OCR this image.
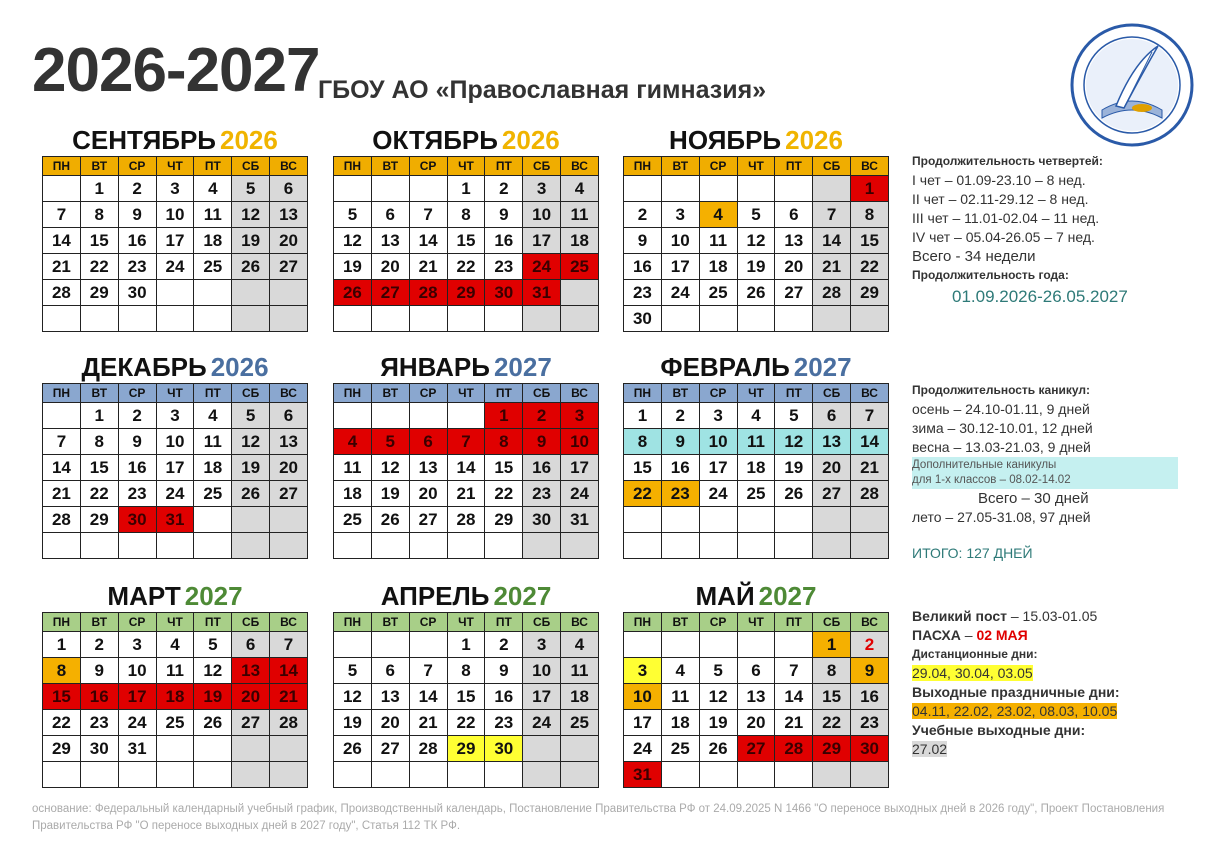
2026-2027
ГБОУ АО «Православная гимназия»
СЕНТЯБРЬ 2026
ПН	ВТ	СР	ЧТ	ПТ	СБ	ВС
	1	2	3	4	5	6
7	8	9	10	11	12	13
14	15	16	17	18	19	20
21	22	23	24	25	26	27
28	29	30				

ОКТЯБРЬ 2026
ПН	ВТ	СР	ЧТ	ПТ	СБ	ВС
			1	2	3	4
5	6	7	8	9	10	11
12	13	14	15	16	17	18
19	20	21	22	23	24	25
26	27	28	29	30	31	

НОЯБРЬ 2026
ПН	ВТ	СР	ЧТ	ПТ	СБ	ВС
						1
2	3	4	5	6	7	8
9	10	11	12	13	14	15
16	17	18	19	20	21	22
23	24	25	26	27	28	29
30						
ДЕКАБРЬ 2026
ПН	ВТ	СР	ЧТ	ПТ	СБ	ВС
	1	2	3	4	5	6
7	8	9	10	11	12	13
14	15	16	17	18	19	20
21	22	23	24	25	26	27
28	29	30	31			

ЯНВАРЬ 2027
ПН	ВТ	СР	ЧТ	ПТ	СБ	ВС
				1	2	3
4	5	6	7	8	9	10
11	12	13	14	15	16	17
18	19	20	21	22	23	24
25	26	27	28	29	30	31

ФЕВРАЛЬ 2027
ПН	ВТ	СР	ЧТ	ПТ	СБ	ВС
1	2	3	4	5	6	7
8	9	10	11	12	13	14
15	16	17	18	19	20	21
22	23	24	25	26	27	28

МАРТ 2027
ПН	ВТ	СР	ЧТ	ПТ	СБ	ВС
1	2	3	4	5	6	7
8	9	10	11	12	13	14
15	16	17	18	19	20	21
22	23	24	25	26	27	28
29	30	31				

АПРЕЛЬ 2027
ПН	ВТ	СР	ЧТ	ПТ	СБ	ВС
			1	2	3	4
5	6	7	8	9	10	11
12	13	14	15	16	17	18
19	20	21	22	23	24	25
26	27	28	29	30		

МАЙ 2027
ПН	ВТ	СР	ЧТ	ПТ	СБ	ВС
					1	2
3	4	5	6	7	8	9
10	11	12	13	14	15	16
17	18	19	20	21	22	23
24	25	26	27	28	29	30
31						
Продолжительность четвертей:
I чет – 01.09-23.10 – 8 нед.
II чет – 02.11-29.12 – 8 нед.
III чет – 11.01-02.04 – 11 нед.
IV чет – 05.04-26.05 – 7 нед.
Всего - 34 недели
Продолжительность года:
01.09.2026-26.05.2027
Продолжительность каникул:
осень – 24.10-01.11, 9 дней
зима – 30.12-10.01, 12 дней
весна – 13.03-21.03, 9 дней
Дополнительные каникулы
для 1-х классов – 08.02-14.02
Всего – 30 дней
лето – 27.05-31.08, 97 дней
ИТОГО: 127 ДНЕЙ
Великий пост – 15.03-01.05
ПАСХА – 02 МАЯ
Дистанционные дни:
29.04, 30.04, 03.05
Выходные праздничные дни:
04.11, 22.02, 23.02, 08.03, 10.05
Учебные выходные дни:
27.02
основание: Федеральный календарный учебный график, Производственный календарь, Постановление Правительства РФ от 24.09.2025 N 1466 "О переносе выходных дней в 2026 году", Проект Постановления Правительства РФ "О переносе выходных дней в 2027 году", Статья 112 ТК РФ.
